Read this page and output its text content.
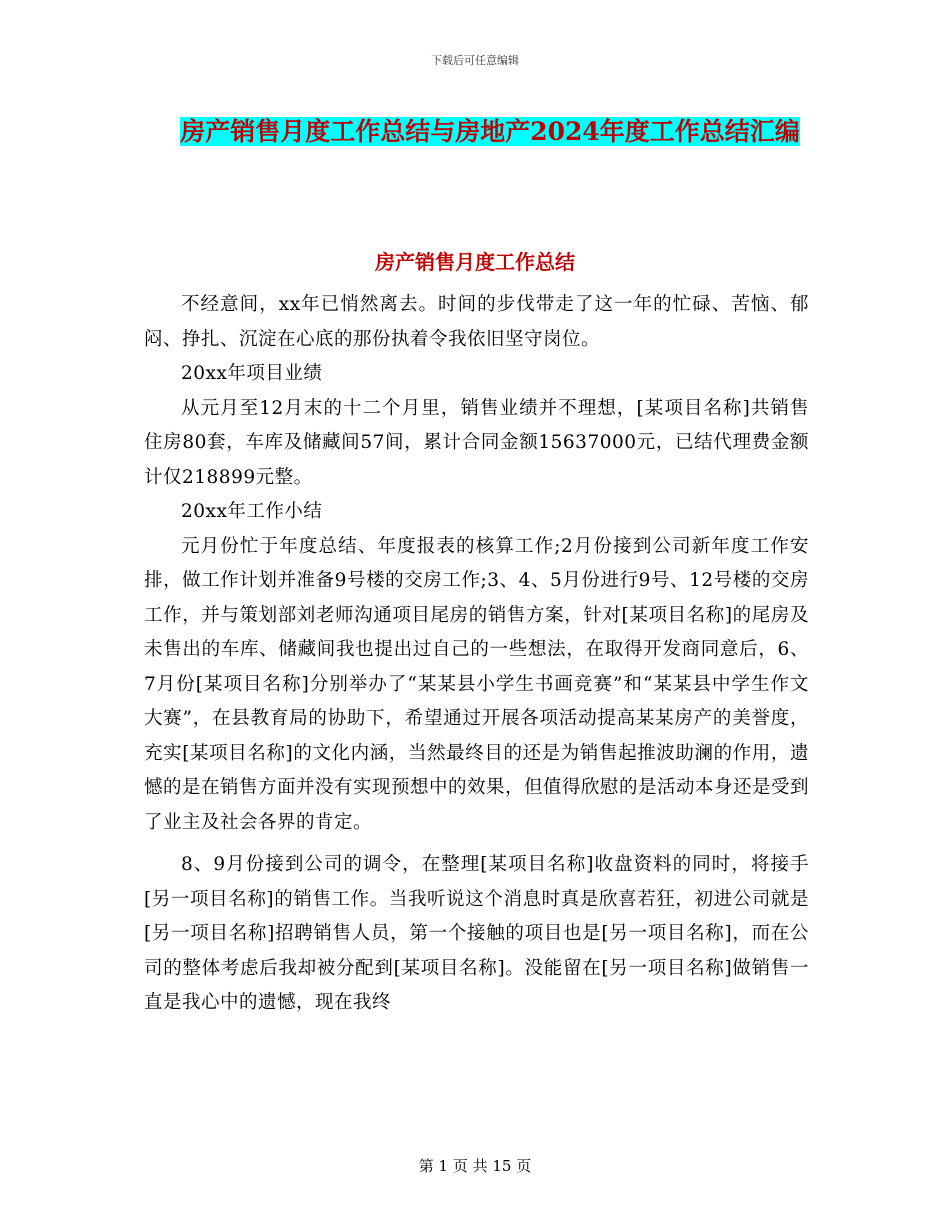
下载后可任意编辑
房产销售月度工作总结与房地产2024年度工作总结汇编
房产销售月度工作总结

不经意间，xx年已悄然离去。时间的步伐带走了这一年的忙碌、苦恼、郁闷、挣扎、沉淀在心底的那份执着令我依旧坚守岗位。

20xx年项目业绩

从元月至12月末的十二个月里，销售业绩并不理想，[某项目名称]共销售住房80套，车库及储藏间57间，累计合同金额15637000元，已结代理费金额计仅218899元整。

20xx年工作小结

元月份忙于年度总结、年度报表的核算工作;2月份接到公司新年度工作安排，做工作计划并准备9号楼的交房工作;3、4、5月份进行9号、12号楼的交房工作，并与策划部刘老师沟通项目尾房的销售方案，针对[某项目名称]的尾房及未售出的车库、储藏间我也提出过自己的一些想法，在取得开发商同意后，6、7月份[某项目名称]分别举办了“某某县小学生书画竞赛”和“某某县中学生作文大赛”，在县教育局的协助下，希望通过开展各项活动提高某某房产的美誉度，充实[某项目名称]的文化内涵，当然最终目的还是为销售起推波助澜的作用，遗憾的是在销售方面并没有实现预想中的效果，但值得欣慰的是活动本身还是受到了业主及社会各界的肯定。

8、9月份接到公司的调令，在整理[某项目名称]收盘资料的同时，将接手[另一项目名称]的销售工作。当我听说这个消息时真是欣喜若狂，初进公司就是[另一项目名称]招聘销售人员，第一个接触的项目也是[另一项目名称]，而在公司的整体考虑后我却被分配到[某项目名称]。没能留在[另一项目名称]做销售一直是我心中的遗憾，现在我终

第 1 页 共 15 页
